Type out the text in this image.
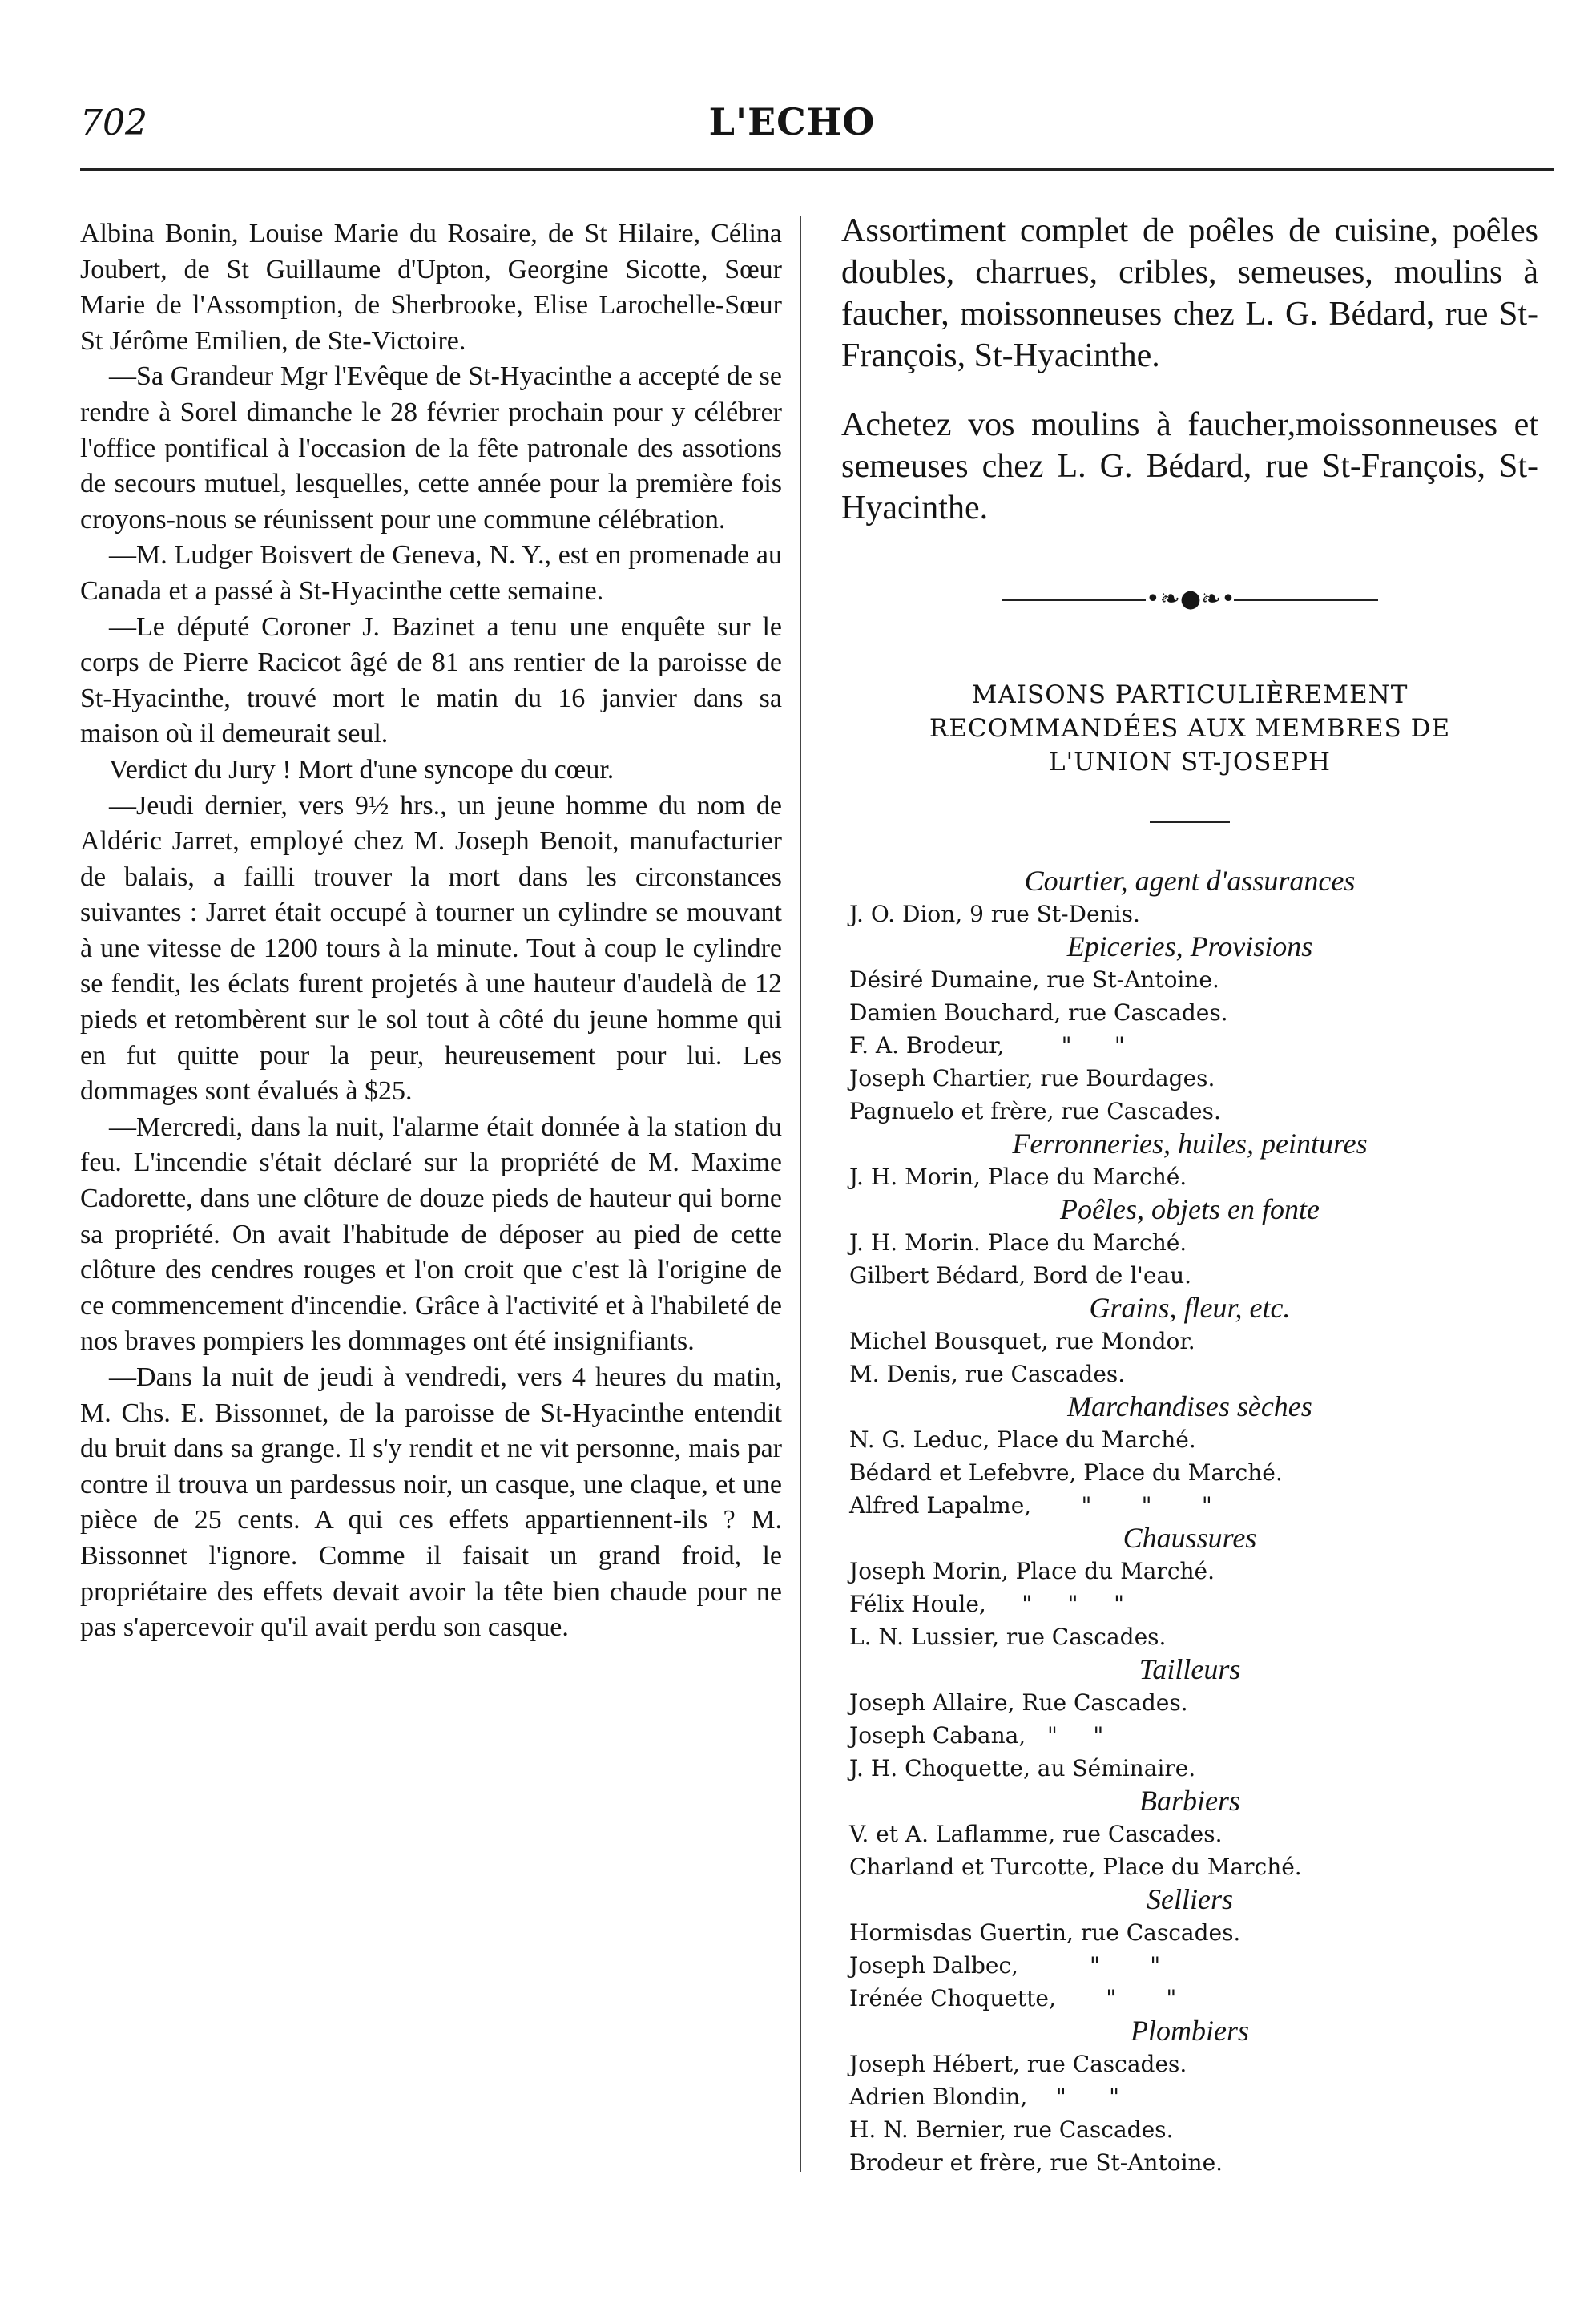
702	L'ECHO

Albina Bonin, Louise Marie du Rosaire, de St Hilaire, Célina Joubert, de St Guillaume d'Upton, Georgine Sicotte, Sœur Marie de l'Assomption, de Sherbrooke, Elise Larochelle-Sœur St Jérôme Emilien, de Ste-Victoire.

—Sa Grandeur Mgr l'Evêque de St-Hyacinthe a accepté de se rendre à Sorel dimanche le 28 février prochain pour y célébrer l'office pontifical à l'occasion de la fête patronale des assotions de secours mutuel, lesquelles, cette année pour la première fois croyons-nous se réunissent pour une commune célébration.

—M. Ludger Boisvert de Geneva, N. Y., est en promenade au Canada et a passé à St-Hyacinthe cette semaine.

—Le député Coroner J. Bazinet a tenu une enquête sur le corps de Pierre Racicot âgé de 81 ans rentier de la paroisse de St-Hyacinthe, trouvé mort le matin du 16 janvier dans sa maison où il demeurait seul.

Verdict du Jury ! Mort d'une syncope du cœur.

—Jeudi dernier, vers 9½ hrs., un jeune homme du nom de Aldéric Jarret, employé chez M. Joseph Benoit, manufacturier de balais, a failli trouver la mort dans les circonstances suivantes : Jarret était occupé à tourner un cylindre se mouvant à une vitesse de 1200 tours à la minute. Tout à coup le cylindre se fendit, les éclats furent projetés à une hauteur d'audelà de 12 pieds et retombèrent sur le sol tout à côté du jeune homme qui en fut quitte pour la peur, heureusement pour lui. Les dommages sont évalués à $25.

—Mercredi, dans la nuit, l'alarme était donnée à la station du feu. L'incendie s'était déclaré sur la propriété de M. Maxime Cadorette, dans une clôture de douze pieds de hauteur qui borne sa propriété. On avait l'habitude de déposer au pied de cette clôture des cendres rouges et l'on croit que c'est là l'origine de ce commencement d'incendie. Grâce à l'activité et à l'habileté de nos braves pompiers les dommages ont été insignifiants.

—Dans la nuit de jeudi à vendredi, vers 4 heures du matin, M. Chs. E. Bissonnet, de la paroisse de St-Hyacinthe entendit du bruit dans sa grange. Il s'y rendit et ne vit personne, mais par contre il trouva un pardessus noir, un casque, une claque, et une pièce de 25 cents. A qui ces effets appartiennent-ils ? M. Bissonnet l'ignore. Comme il faisait un grand froid, le propriétaire des effets devait avoir la tête bien chaude pour ne pas s'apercevoir qu'il avait perdu son casque.

Assortiment complet de poêles de cuisine, poêles doubles, charrues, cribles, semeuses, moulins à faucher, moissonneuses chez L. G. Bédard, rue St-François, St-Hyacinthe.

Achetez vos moulins à faucher,moissonneuses et semeuses chez L. G. Bédard, rue St-François, St-Hyacinthe.

•❧●❧•
MAISONS PARTICULIÈREMENT
RECOMMANDÉES AUX MEMBRES DE
L'UNION ST-JOSEPH
Courtier, agent d'assurances
J. O. Dion, 9 rue St-Denis.
Epiceries, Provisions
Désiré Dumaine, rue St-Antoine.
Damien Bouchard, rue Cascades.
F. A. Brodeur,        "      "
Joseph Chartier, rue Bourdages.
Pagnuelo et frère, rue Cascades.
Ferronneries, huiles, peintures
J. H. Morin, Place du Marché.
Poêles, objets en fonte
J. H. Morin. Place du Marché.
Gilbert Bédard, Bord de l'eau.
Grains, fleur, etc.
Michel Bousquet, rue Mondor.
M. Denis, rue Cascades.
Marchandises sèches
N. G. Leduc, Place du Marché.
Bédard et Lefebvre, Place du Marché.
Alfred Lapalme,       "       "       "
Chaussures
Joseph Morin, Place du Marché.
Félix Houle,     "     "     "
L. N. Lussier, rue Cascades.
Tailleurs
Joseph Allaire, Rue Cascades.
Joseph Cabana,   "     "
J. H. Choquette, au Séminaire.
Barbiers
V. et A. Laflamme, rue Cascades.
Charland et Turcotte, Place du Marché.
Selliers
Hormisdas Guertin, rue Cascades.
Joseph Dalbec,          "       "
Irénée Choquette,       "       "
Plombiers
Joseph Hébert, rue Cascades.
Adrien Blondin,    "      "
H. N. Bernier, rue Cascades.
Brodeur et frère, rue St-Antoine.
